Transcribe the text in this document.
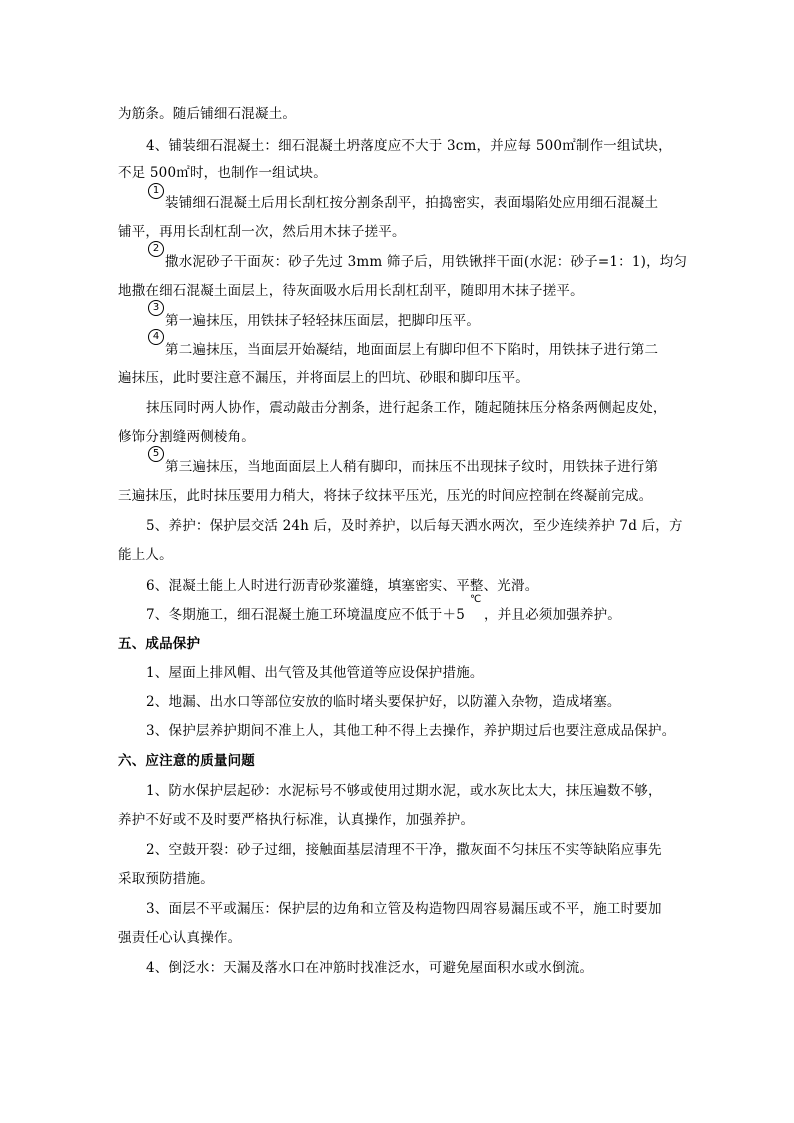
为筋条。随后铺细石混凝土。
4、铺装细石混凝土：细石混凝土坍落度应不大于 3cm，并应每 500㎡制作一组试块，
不足 500㎡时，也制作一组试块。
1
装铺细石混凝土后用长刮杠按分割条刮平，拍捣密实，表面塌陷处应用细石混凝土
铺平，再用长刮杠刮一次，然后用木抹子搓平。
2
撒水泥砂子干面灰：砂子先过 3mm 筛子后，用铁锹拌干面(水泥：砂子=1：1)，均匀
地撒在细石混凝土面层上，待灰面吸水后用长刮杠刮平，随即用木抹子搓平。
3
第一遍抹压，用铁抹子轻轻抹压面层，把脚印压平。
4
第二遍抹压，当面层开始凝结，地面面层上有脚印但不下陷时，用铁抹子进行第二
遍抹压，此时要注意不漏压，并将面层上的凹坑、砂眼和脚印压平。
抹压同时两人协作，震动敲击分割条，进行起条工作，随起随抹压分格条两侧起皮处，
修饰分割缝两侧棱角。
5
第三遍抹压，当地面面层上人稍有脚印，而抹压不出现抹子纹时，用铁抹子进行第
三遍抹压，此时抹压要用力稍大，将抹子纹抹平压光，压光的时间应控制在终凝前完成。
5、养护：保护层交活 24h 后，及时养护，以后每天洒水两次，至少连续养护 7d 后，方
能上人。
6、混凝土能上人时进行沥青砂浆灌缝，填塞密实、平整、光滑。
7、冬期施工，细石混凝土施工环境温度应不低于＋5
℃
，并且必须加强养护。
五、成品保护
1、屋面上排风帽、出气管及其他管道等应设保护措施。
2、地漏、出水口等部位安放的临时堵头要保护好，以防灌入杂物，造成堵塞。
3、保护层养护期间不准上人，其他工种不得上去操作，养护期过后也要注意成品保护。
六、应注意的质量问题
1、防水保护层起砂：水泥标号不够或使用过期水泥，或水灰比太大，抹压遍数不够，
养护不好或不及时要严格执行标准，认真操作，加强养护。
2、空鼓开裂：砂子过细，接触面基层清理不干净，撒灰面不匀抹压不实等缺陷应事先
采取预防措施。
3、面层不平或漏压：保护层的边角和立管及构造物四周容易漏压或不平，施工时要加
强责任心认真操作。
4、倒泛水：天漏及落水口在冲筋时找准泛水，可避免屋面积水或水倒流。
